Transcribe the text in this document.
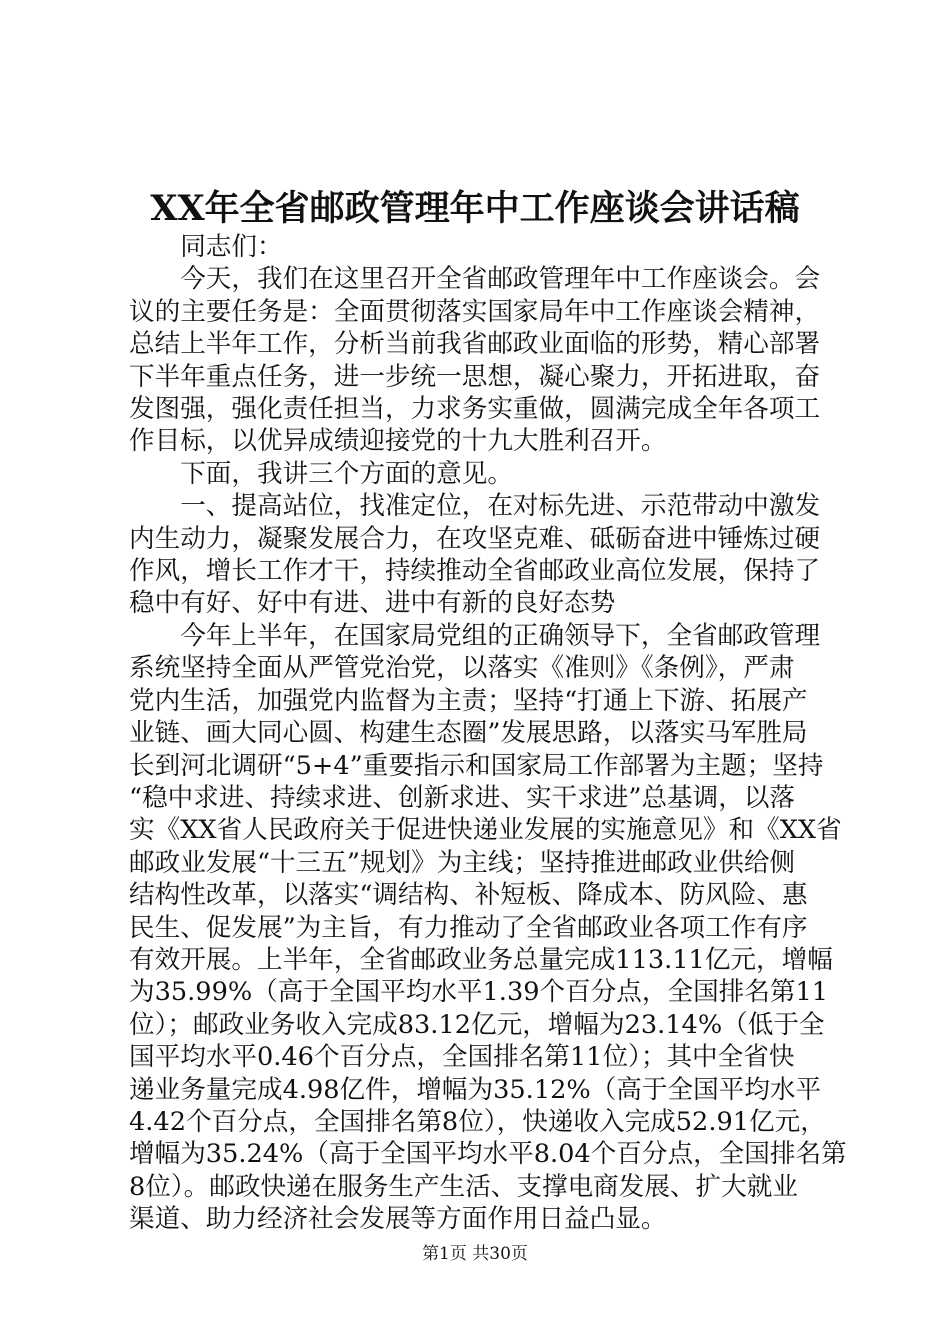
XX年全省邮政管理年中工作座谈会讲话稿

同志们：

今天，我们在这里召开全省邮政管理年中工作座谈会。会
议的主要任务是：全面贯彻落实国家局年中工作座谈会精神，
总结上半年工作，分析当前我省邮政业面临的形势，精心部署
下半年重点任务，进一步统一思想，凝心聚力，开拓进取，奋
发图强，强化责任担当，力求务实重做，圆满完成全年各项工
作目标，以优异成绩迎接党的十九大胜利召开。

下面，我讲三个方面的意见。

一、提高站位，找准定位，在对标先进、示范带动中激发
内生动力，凝聚发展合力，在攻坚克难、砥砺奋进中锤炼过硬
作风，增长工作才干，持续推动全省邮政业高位发展，保持了
稳中有好、好中有进、进中有新的良好态势

今年上半年，在国家局党组的正确领导下，全省邮政管理
系统坚持全面从严管党治党，以落实《准则》《条例》，严肃
党内生活，加强党内监督为主责；坚持“打通上下游、拓展产
业链、画大同心圆、构建生态圈”发展思路，以落实马军胜局
长到河北调研“5+4”重要指示和国家局工作部署为主题；坚持
“稳中求进、持续求进、创新求进、实干求进”总基调，以落
实《XX省人民政府关于促进快递业发展的实施意见》和《XX省
邮政业发展“十三五”规划》为主线；坚持推进邮政业供给侧
结构性改革，以落实“调结构、补短板、降成本、防风险、惠
民生、促发展”为主旨，有力推动了全省邮政业各项工作有序
有效开展。上半年，全省邮政业务总量完成113.11亿元，增幅
为35.99%（高于全国平均水平1.39个百分点，全国排名第11
位）；邮政业务收入完成83.12亿元，增幅为23.14%（低于全
国平均水平0.46个百分点，全国排名第11位）；其中全省快
递业务量完成4.98亿件，增幅为35.12%（高于全国平均水平
4.42个百分点，全国排名第8位），快递收入完成52.91亿元，
增幅为35.24%（高于全国平均水平8.04个百分点，全国排名第
8位）。邮政快递在服务生产生活、支撑电商发展、扩大就业
渠道、助力经济社会发展等方面作用日益凸显。

第1页 共30页
